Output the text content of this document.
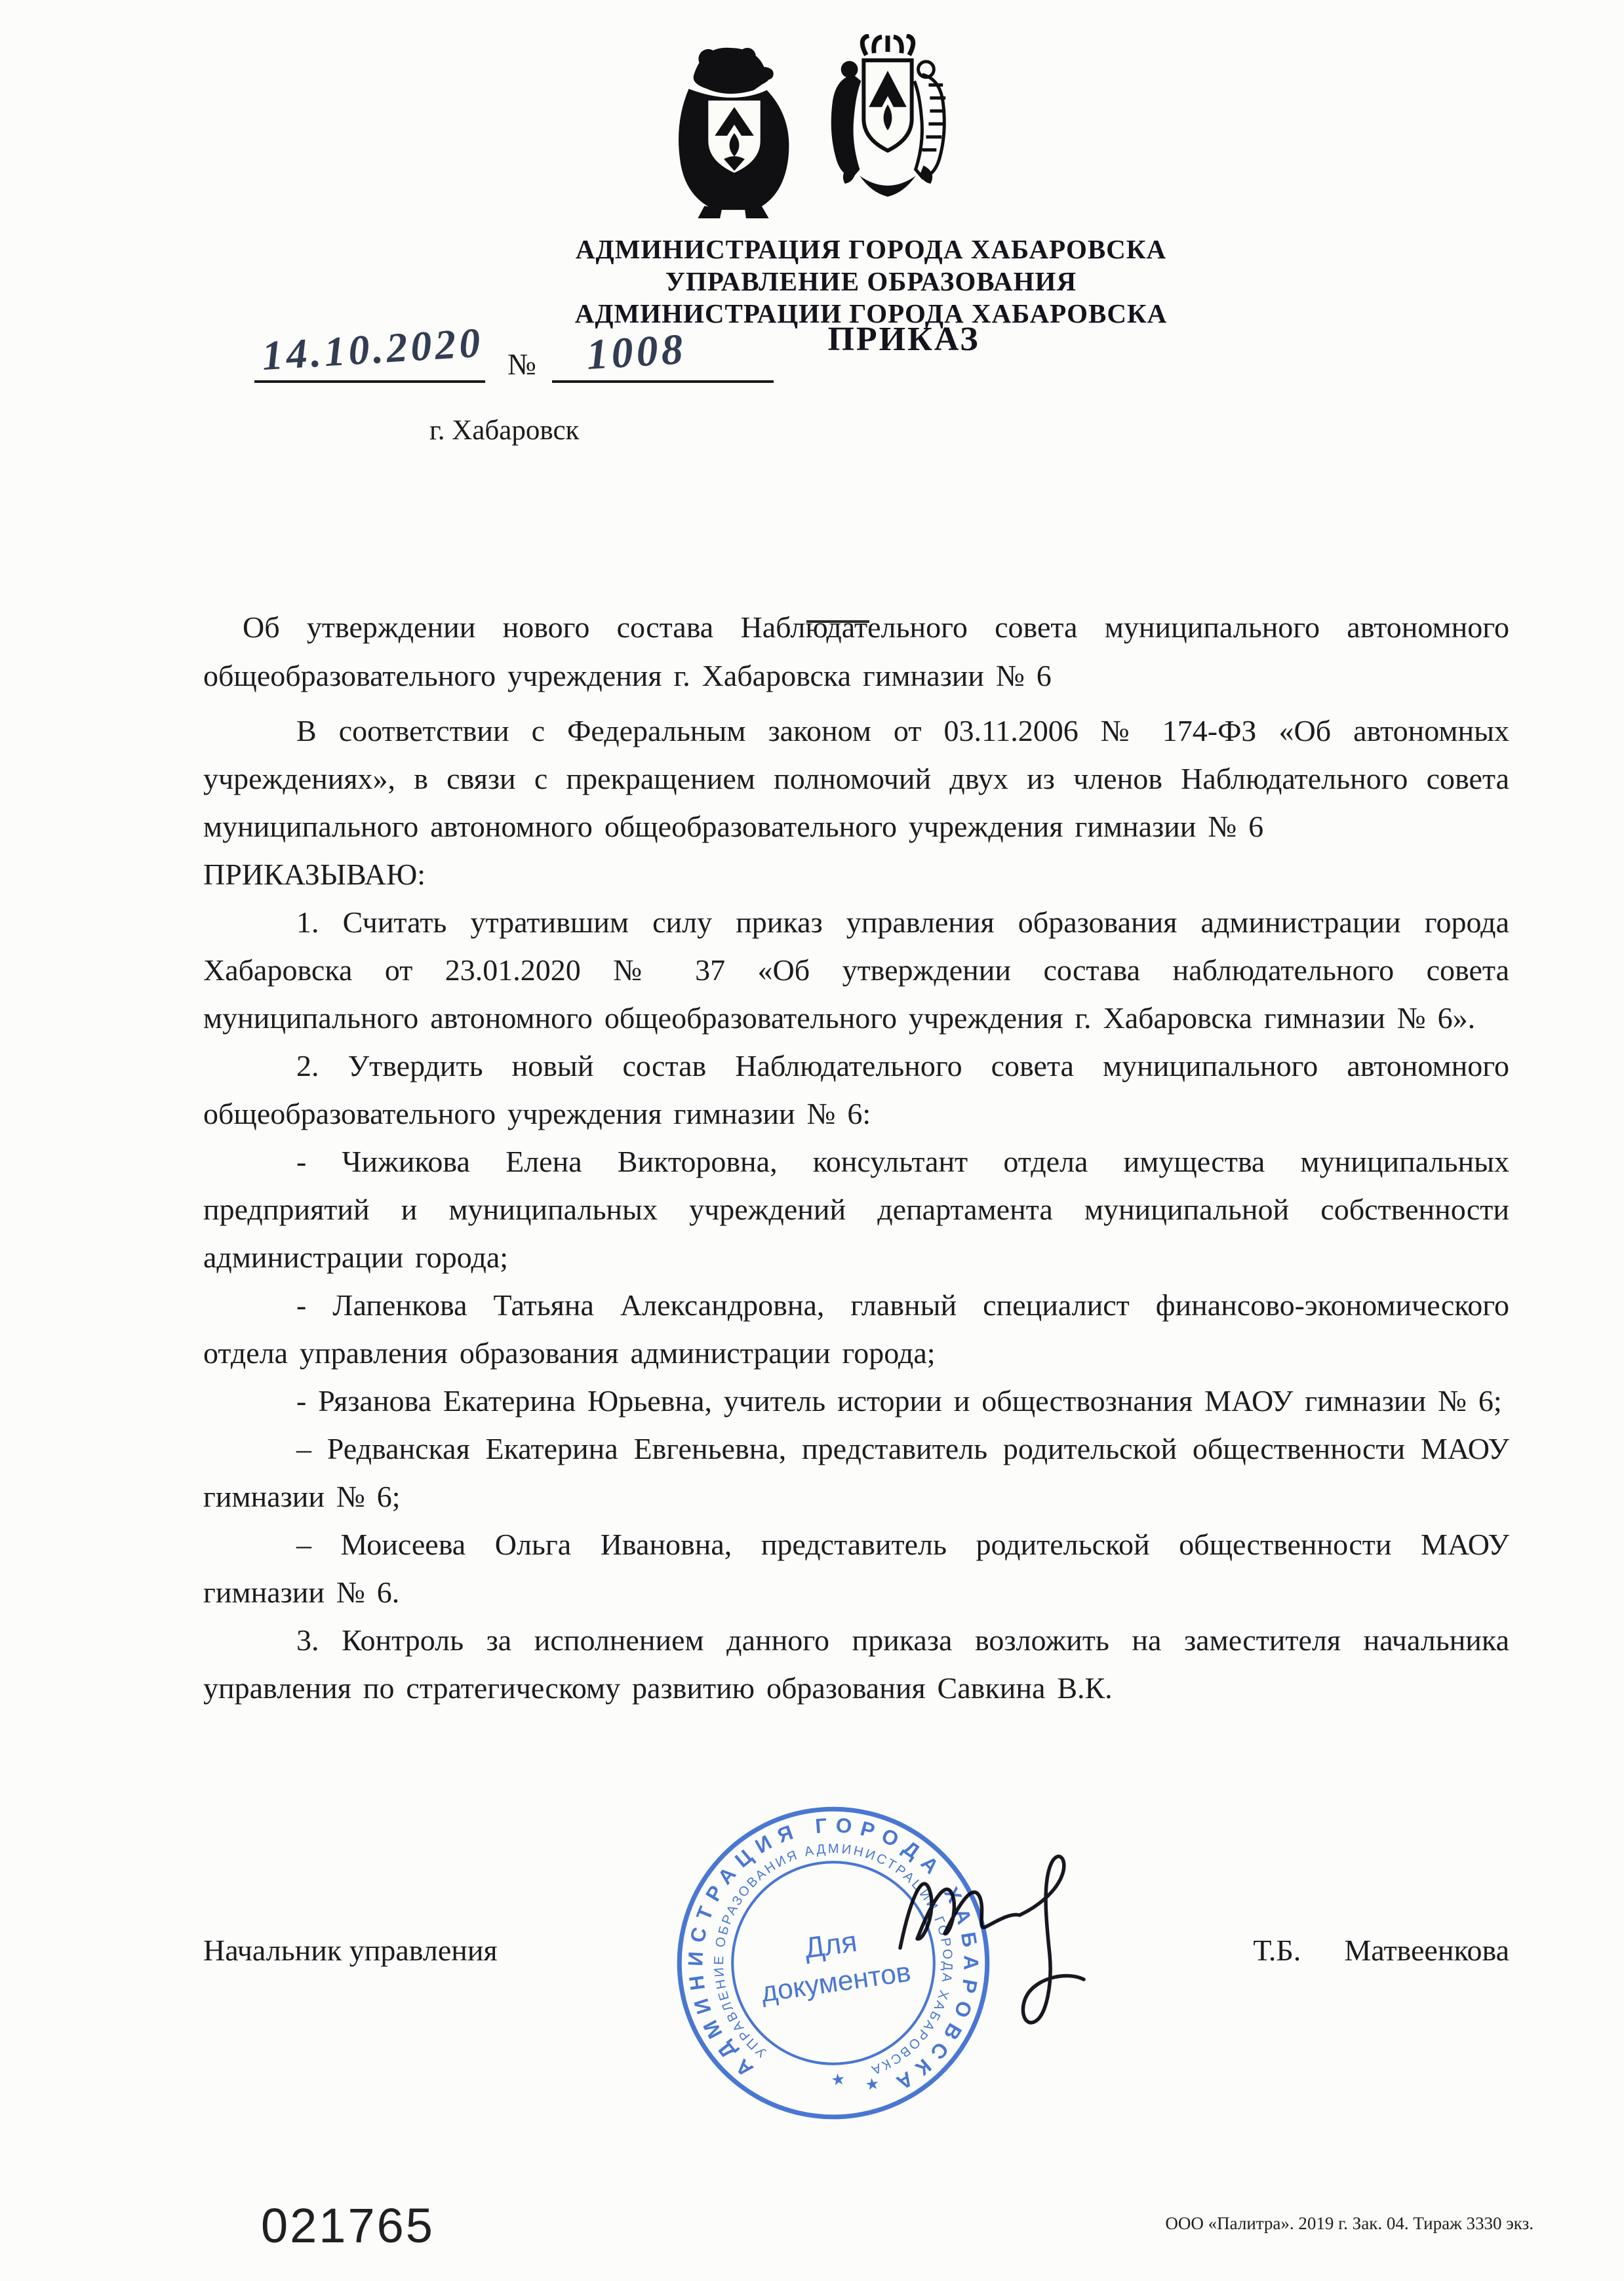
АДМИНИСТРАЦИЯ ГОРОДА ХАБАРОВСКА
УПРАВЛЕНИЕ ОБРАЗОВАНИЯ
АДМИНИСТРАЦИИ ГОРОДА ХАБАРОВСКА
ПРИКАЗ
14.10.2020 № 1008
г. Хабаровск
Об утверждении нового состава Наблюдательного совета муниципального автономного общеобразовательного учреждения г. Хабаровска гимназии № 6

В соответствии с Федеральным законом от 03.11.2006 № 174-ФЗ «Об автономных учреждениях», в связи с прекращением полномочий двух из членов Наблюдательного совета муниципального автономного общеобразовательного учреждения гимназии № 6

ПРИКАЗЫВАЮ:

1. Считать утратившим силу приказ управления образования администрации города Хабаровска от 23.01.2020 № 37 «Об утверждении состава наблюдательного совета муниципального автономного общеобразовательного учреждения г. Хабаровска гимназии № 6».

2. Утвердить новый состав Наблюдательного совета муниципального автономного общеобразовательного учреждения гимназии № 6:

- Чижикова Елена Викторовна, консультант отдела имущества муниципальных предприятий и муниципальных учреждений департамента муниципальной собственности администрации города;

- Лапенкова Татьяна Александровна, главный специалист финансово-экономического отдела управления образования администрации города;

- Рязанова Екатерина Юрьевна, учитель истории и обществознания МАОУ гимназии № 6;

– Редванская Екатерина Евгеньевна, представитель родительской общественности МАОУ гимназии № 6;

– Моисеева Ольга Ивановна, представитель родительской общественности МАОУ гимназии № 6.

3. Контроль за исполнением данного приказа возложить на заместителя начальника управления по стратегическому развитию образования Савкина В.К.

Начальник управления	Т.Б. Матвеенкова
АДМИНИСТРАЦИЯ ГОРОДА ХАБАРОВСКА
УПРАВЛЕНИЕ ОБРАЗОВАНИЯ АДМИНИСТРАЦИИ ГОРОДА ХАБАРОВСКА
Для
документов
★ ★
021765	ООО «Палитра». 2019 г. Зак. 04. Тираж 3330 экз.
